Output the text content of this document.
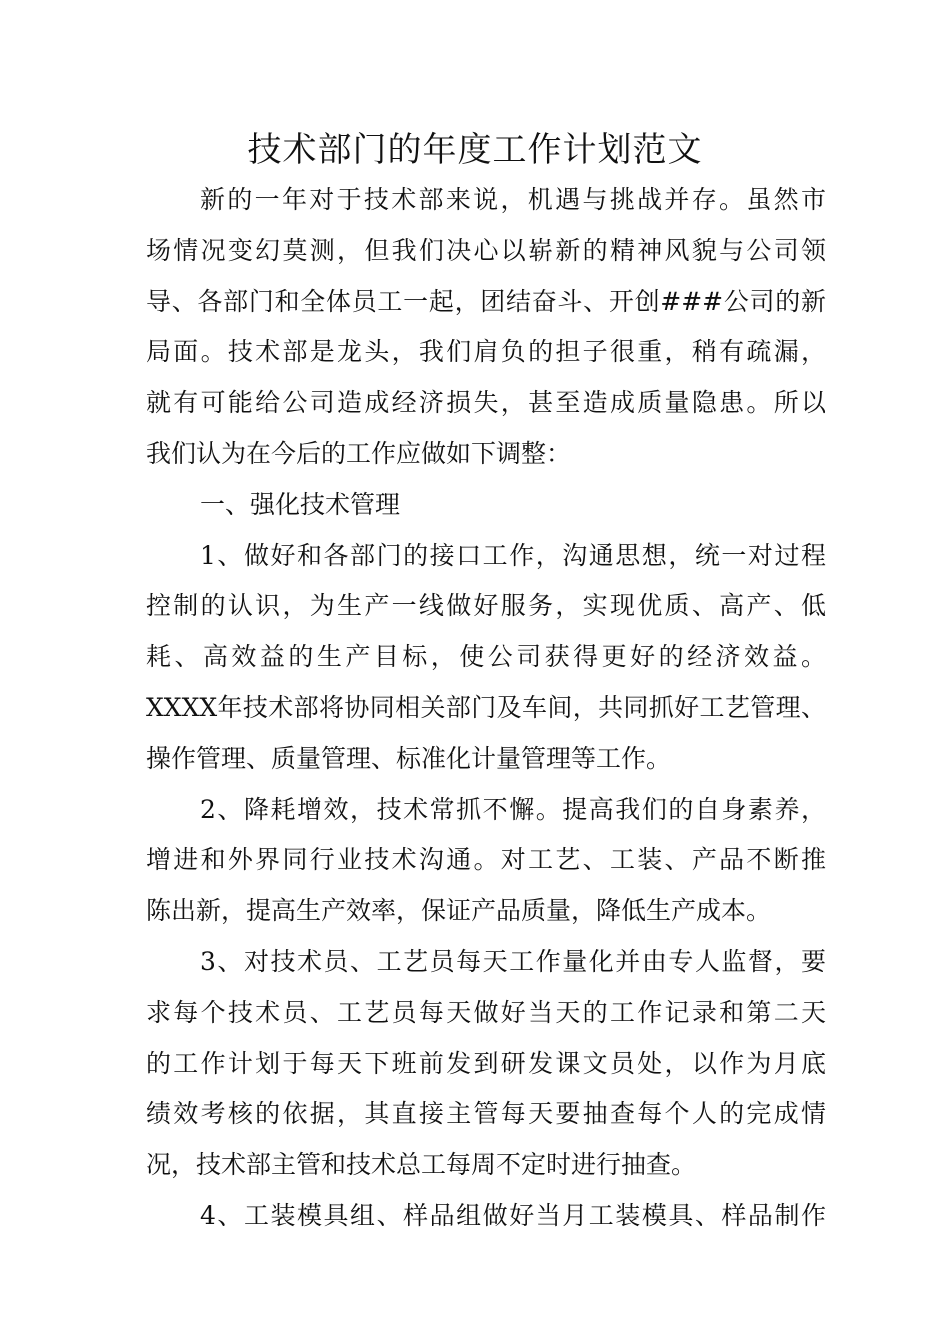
技术部门的年度工作计划范文
新的一年对于技术部来说，机遇与挑战并存。虽然市
场情况变幻莫测，但我们决心以崭新的精神风貌与公司领
导、各部门和全体员工一起，团结奋斗、开创###公司的新
局面。技术部是龙头，我们肩负的担子很重，稍有疏漏，
就有可能给公司造成经济损失，甚至造成质量隐患。所以
我们认为在今后的工作应做如下调整：
一、强化技术管理
1、做好和各部门的接口工作，沟通思想，统一对过程
控制的认识，为生产一线做好服务，实现优质、高产、低
耗、高效益的生产目标，使公司获得更好的经济效益。
XXXX年技术部将协同相关部门及车间，共同抓好工艺管理、
操作管理、质量管理、标准化计量管理等工作。
2、降耗增效，技术常抓不懈。提高我们的自身素养，
增进和外界同行业技术沟通。对工艺、工装、产品不断推
陈出新，提高生产效率，保证产品质量，降低生产成本。
3、对技术员、工艺员每天工作量化并由专人监督，要
求每个技术员、工艺员每天做好当天的工作记录和第二天
的工作计划于每天下班前发到研发课文员处，以作为月底
绩效考核的依据，其直接主管每天要抽查每个人的完成情
况，技术部主管和技术总工每周不定时进行抽查。
4、工装模具组、样品组做好当月工装模具、样品制作
